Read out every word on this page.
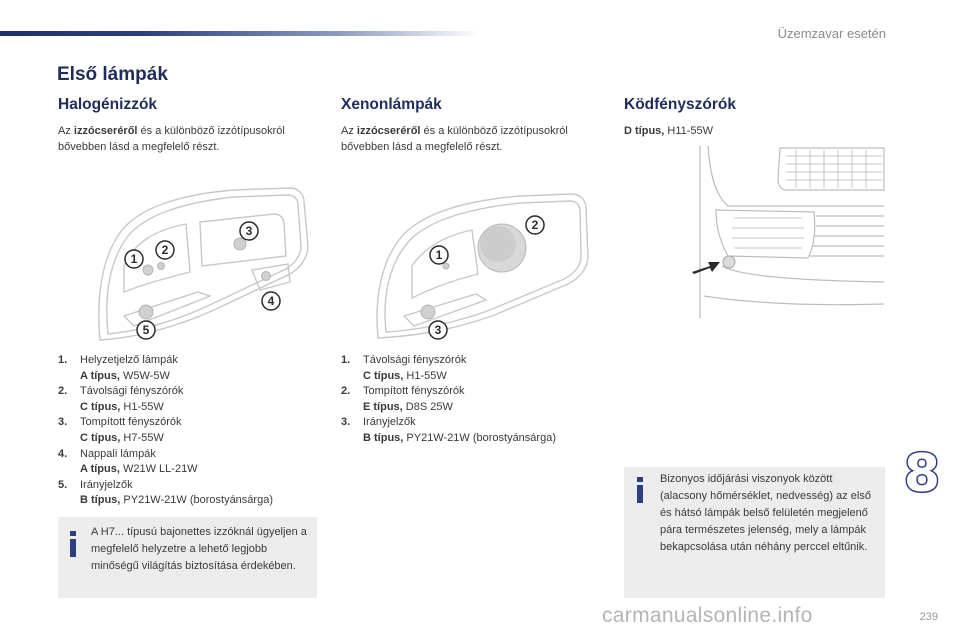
Üzemzavar esetén
Első lámpák
Halogénizzók

Az izzócseréről és a különböző izzótípusokról bővebben lásd a megfelelő részt.

1
2
3
4
5
1. Helyzetjelző lámpák
A típus, W5W-5W
2. Távolsági fényszórók
C típus, H1-55W
3. Tompított fényszórók
C típus, H7-55W
4. Nappali lámpák
A típus, W21W LL-21W
5. Irányjelzők
B típus, PY21W-21W (borostyánsárga)
A H7... típusú bajonettes izzóknál ügyeljen a megfelelő helyzetre a lehető legjobb minőségű világítás biztosítása érdekében.
Xenonlámpák

Az izzócseréről és a különböző izzótípusokról bővebben lásd a megfelelő részt.

1
2
3
1. Távolsági fényszórók
C típus, H1-55W
2. Tompított fényszórók
E típus, D8S 25W
3. Irányjelzők
B típus, PY21W-21W (borostyánsárga)
Ködfényszórók

D típus, H11-55W

Bizonyos időjárási viszonyok között (alacsony hőmérséklet, nedvesség) az első és hátsó lámpák belső felületén megjelenő pára természetes jelenség, mely a lámpák bekapcsolása után néhány perccel eltűnik.
8
239
carmanualsonline.info
